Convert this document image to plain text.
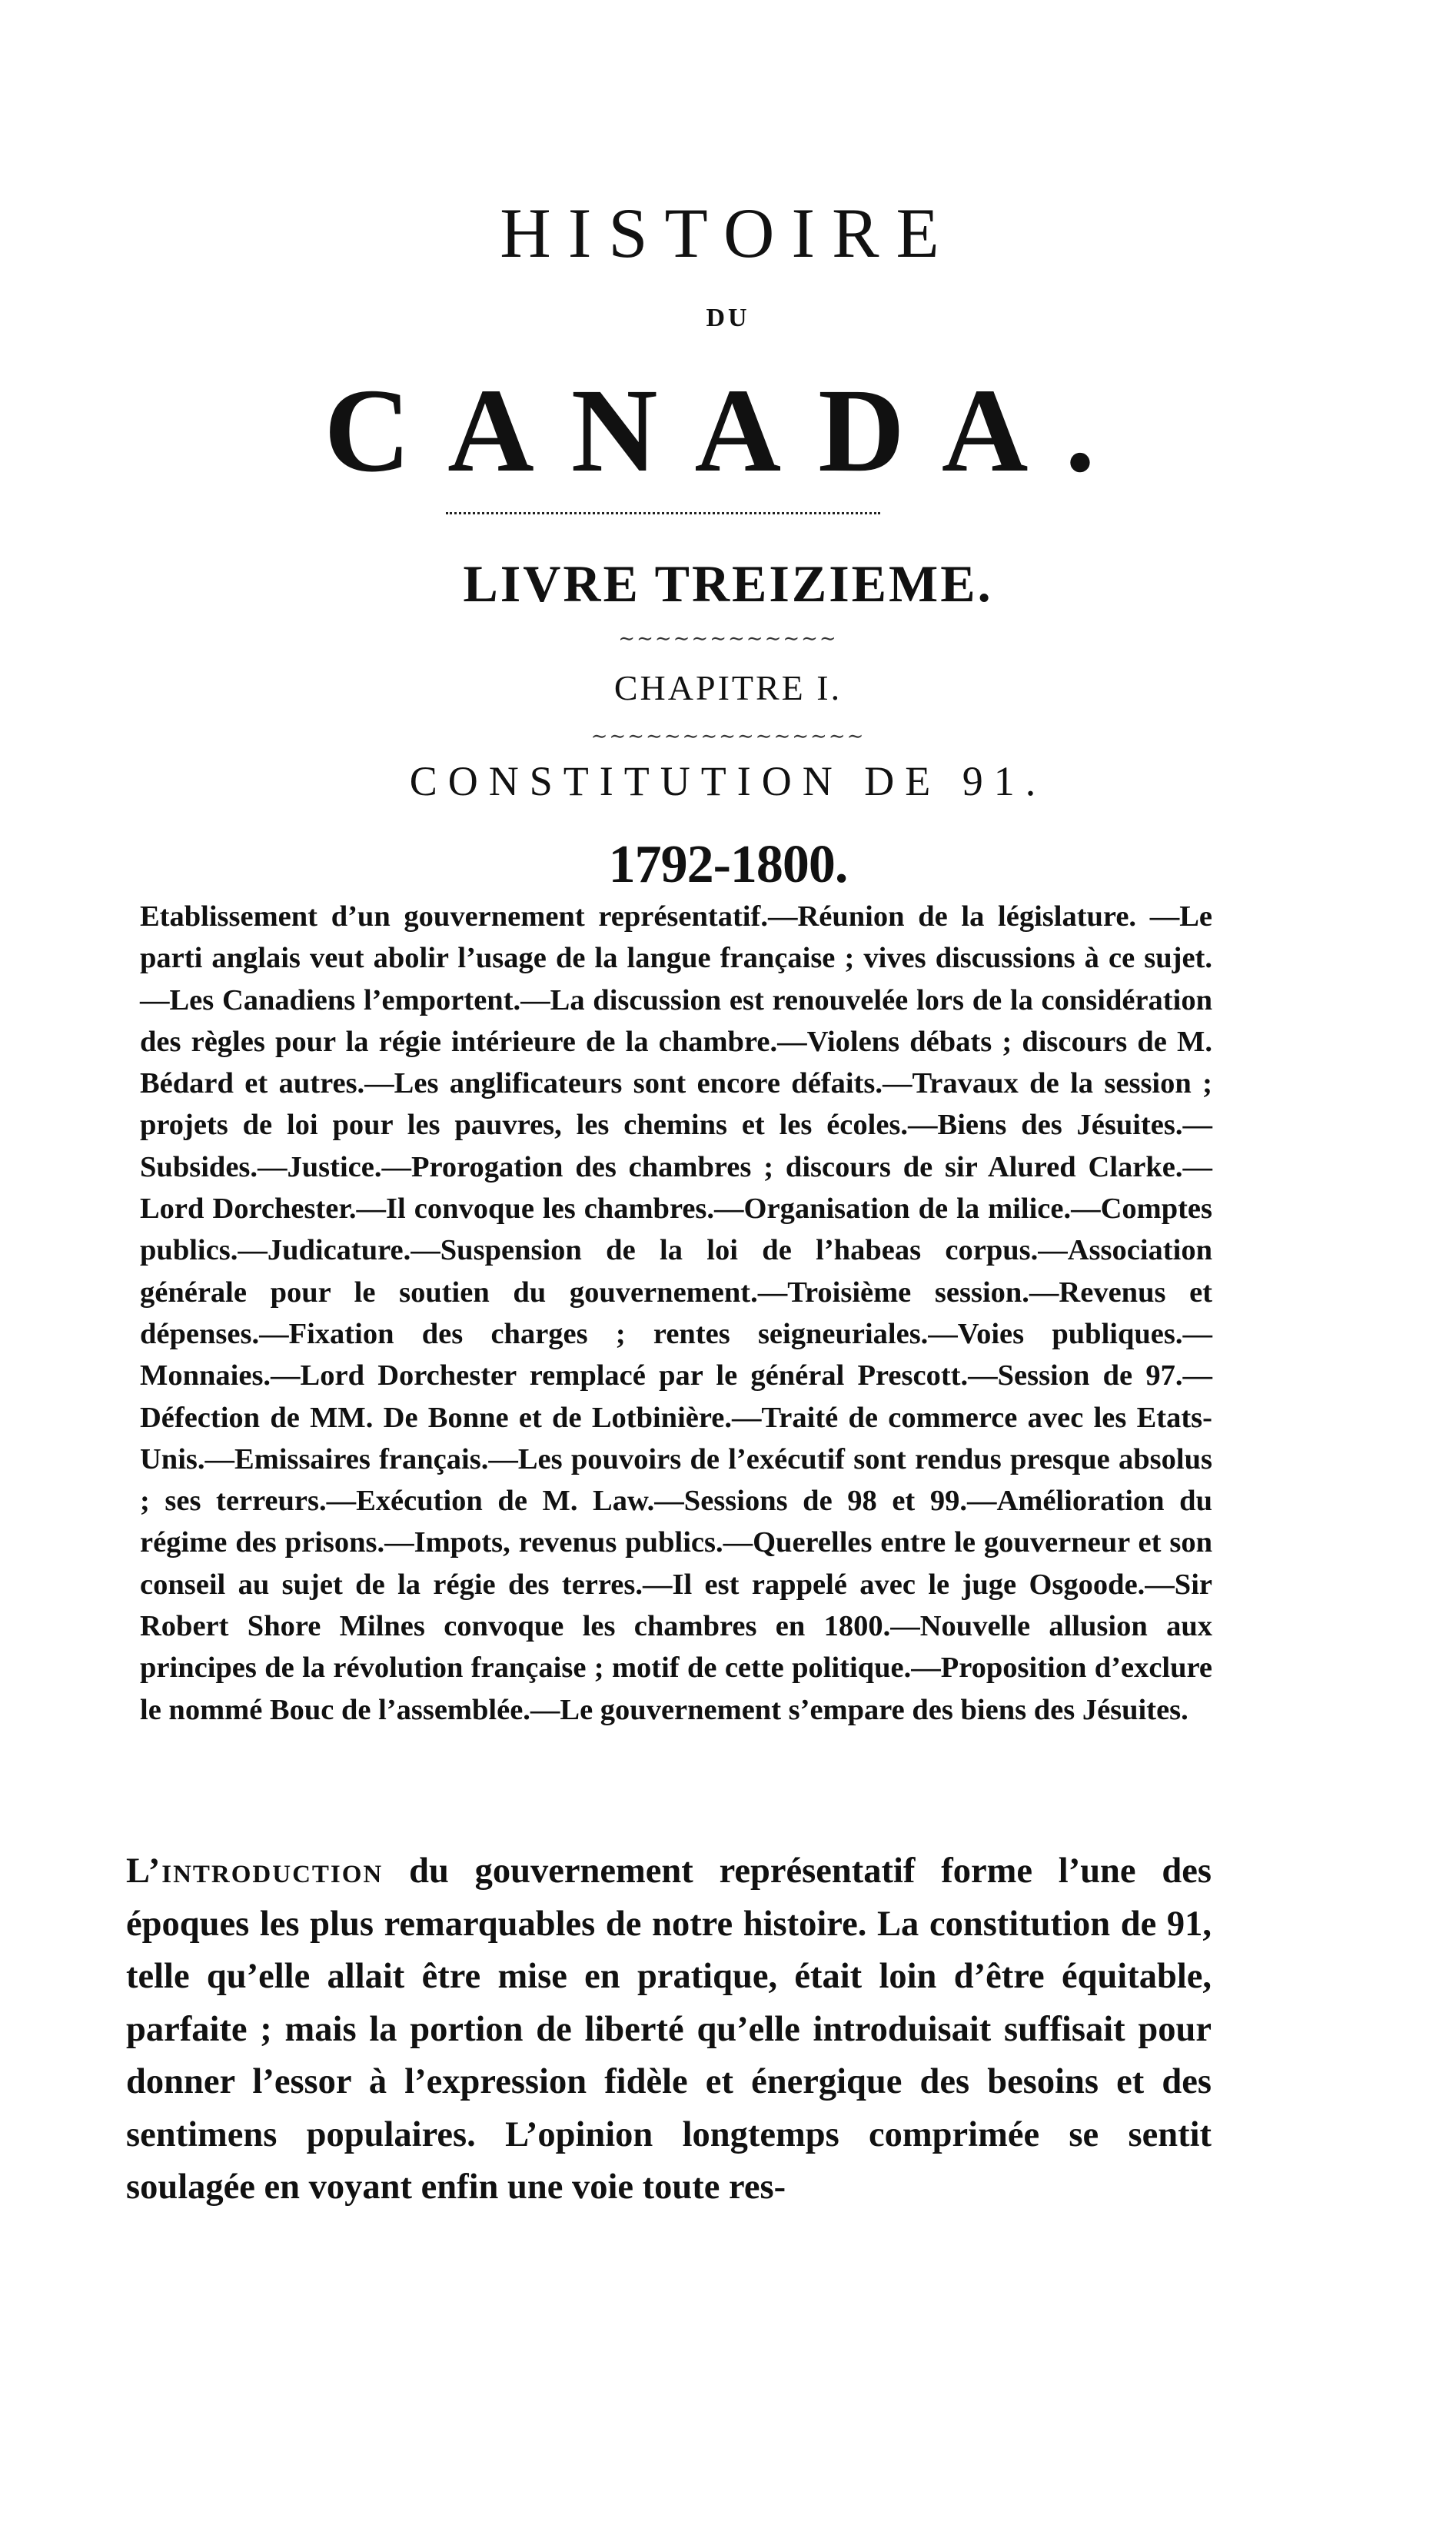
HISTOIRE
DU
CANADA.
LIVRE TREIZIEME.
∼∼∼∼∼∼∼∼∼∼∼∼
CHAPITRE I.
∼∼∼∼∼∼∼∼∼∼∼∼∼∼∼
CONSTITUTION DE 91.
1792-1800.

Etablissement d’un gouvernement représentatif.—Réunion de la législature. —Le parti anglais veut abolir l’usage de la langue française ; vives discussions à ce sujet.—Les Canadiens l’emportent.—La discussion est renouvelée lors de la considération des règles pour la régie intérieure de la chambre.—Violens débats ; discours de M. Bédard et autres.—Les anglificateurs sont encore défaits.—Travaux de la session ; projets de loi pour les pauvres, les chemins et les écoles.—Biens des Jésuites.—Subsides.—Justice.—Prorogation des chambres ; discours de sir Alured Clarke.—Lord Dorchester.—Il convoque les chambres.—Organisation de la milice.—Comptes publics.—Judicature.—Suspension de la loi de l’habeas corpus.—Association générale pour le soutien du gouvernement.—Troisième session.—Revenus et dépenses.—Fixation des charges ; rentes seigneuriales.—Voies publiques.—Monnaies.—Lord Dorchester remplacé par le général Prescott.—Session de 97.—Défection de MM. De Bonne et de Lotbinière.—Traité de commerce avec les Etats-Unis.—Emissaires français.—Les pouvoirs de l’exécutif sont rendus presque absolus ; ses terreurs.—Exécution de M. Law.—Sessions de 98 et 99.—Amélioration du régime des prisons.—Impots, revenus publics.—Querelles entre le gouverneur et son conseil au sujet de la régie des terres.—Il est rappelé avec le juge Osgoode.—Sir Robert Shore Milnes convoque les chambres en 1800.—Nouvelle allusion aux principes de la révolution française ; motif de cette politique.—Proposition d’exclure le nommé Bouc de l’assemblée.—Le gouvernement s’empare des biens des Jésuites.

L’introduction du gouvernement représentatif forme l’une des époques les plus remarquables de notre histoire. La constitution de 91, telle qu’elle allait être mise en pratique, était loin d’être équitable, parfaite ; mais la portion de liberté qu’elle introduisait suffisait pour donner l’essor à l’expression fidèle et énergique des besoins et des sentimens populaires. L’opinion longtemps comprimée se sentit soulagée en voyant enfin une voie toute res-
